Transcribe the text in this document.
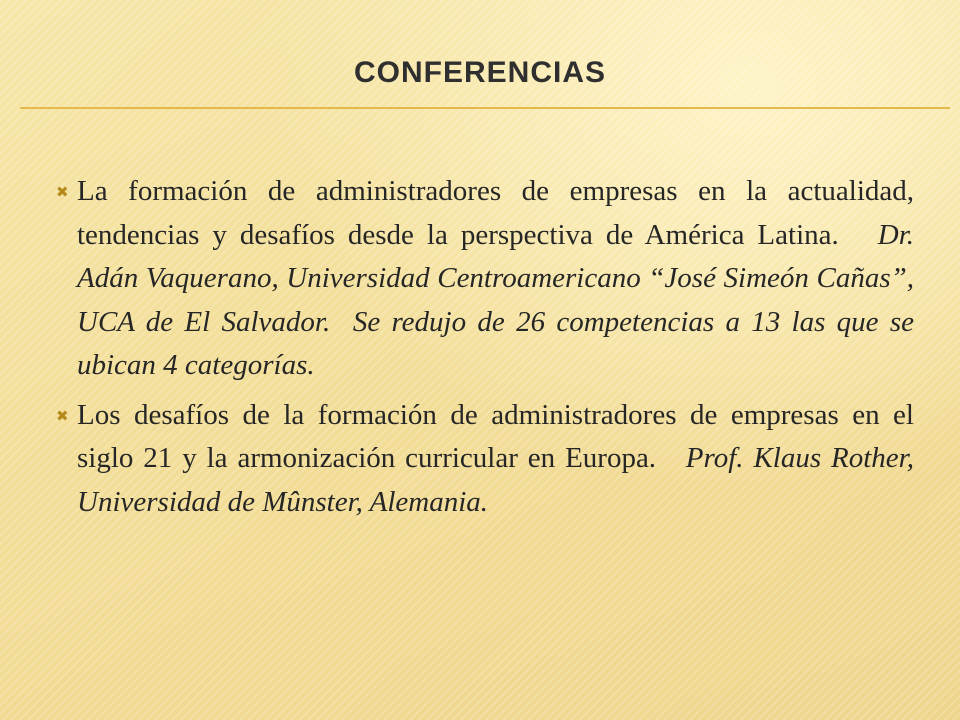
CONFERENCIAS
✖ La formación de administradores de empresas en la actualidad, tendencias y desafíos desde la perspectiva de América Latina.   Dr. Adán Vaquerano, Universidad Centroamericano “José Simeón Cañas”, UCA de El Salvador.  Se redujo de 26 competencias a 13 las que se ubican 4 categorías.
✖ Los desafíos de la formación de administradores de empresas en el siglo 21 y la armonización curricular en Europa.   Prof. Klaus Rother, Universidad de Mûnster, Alemania.
